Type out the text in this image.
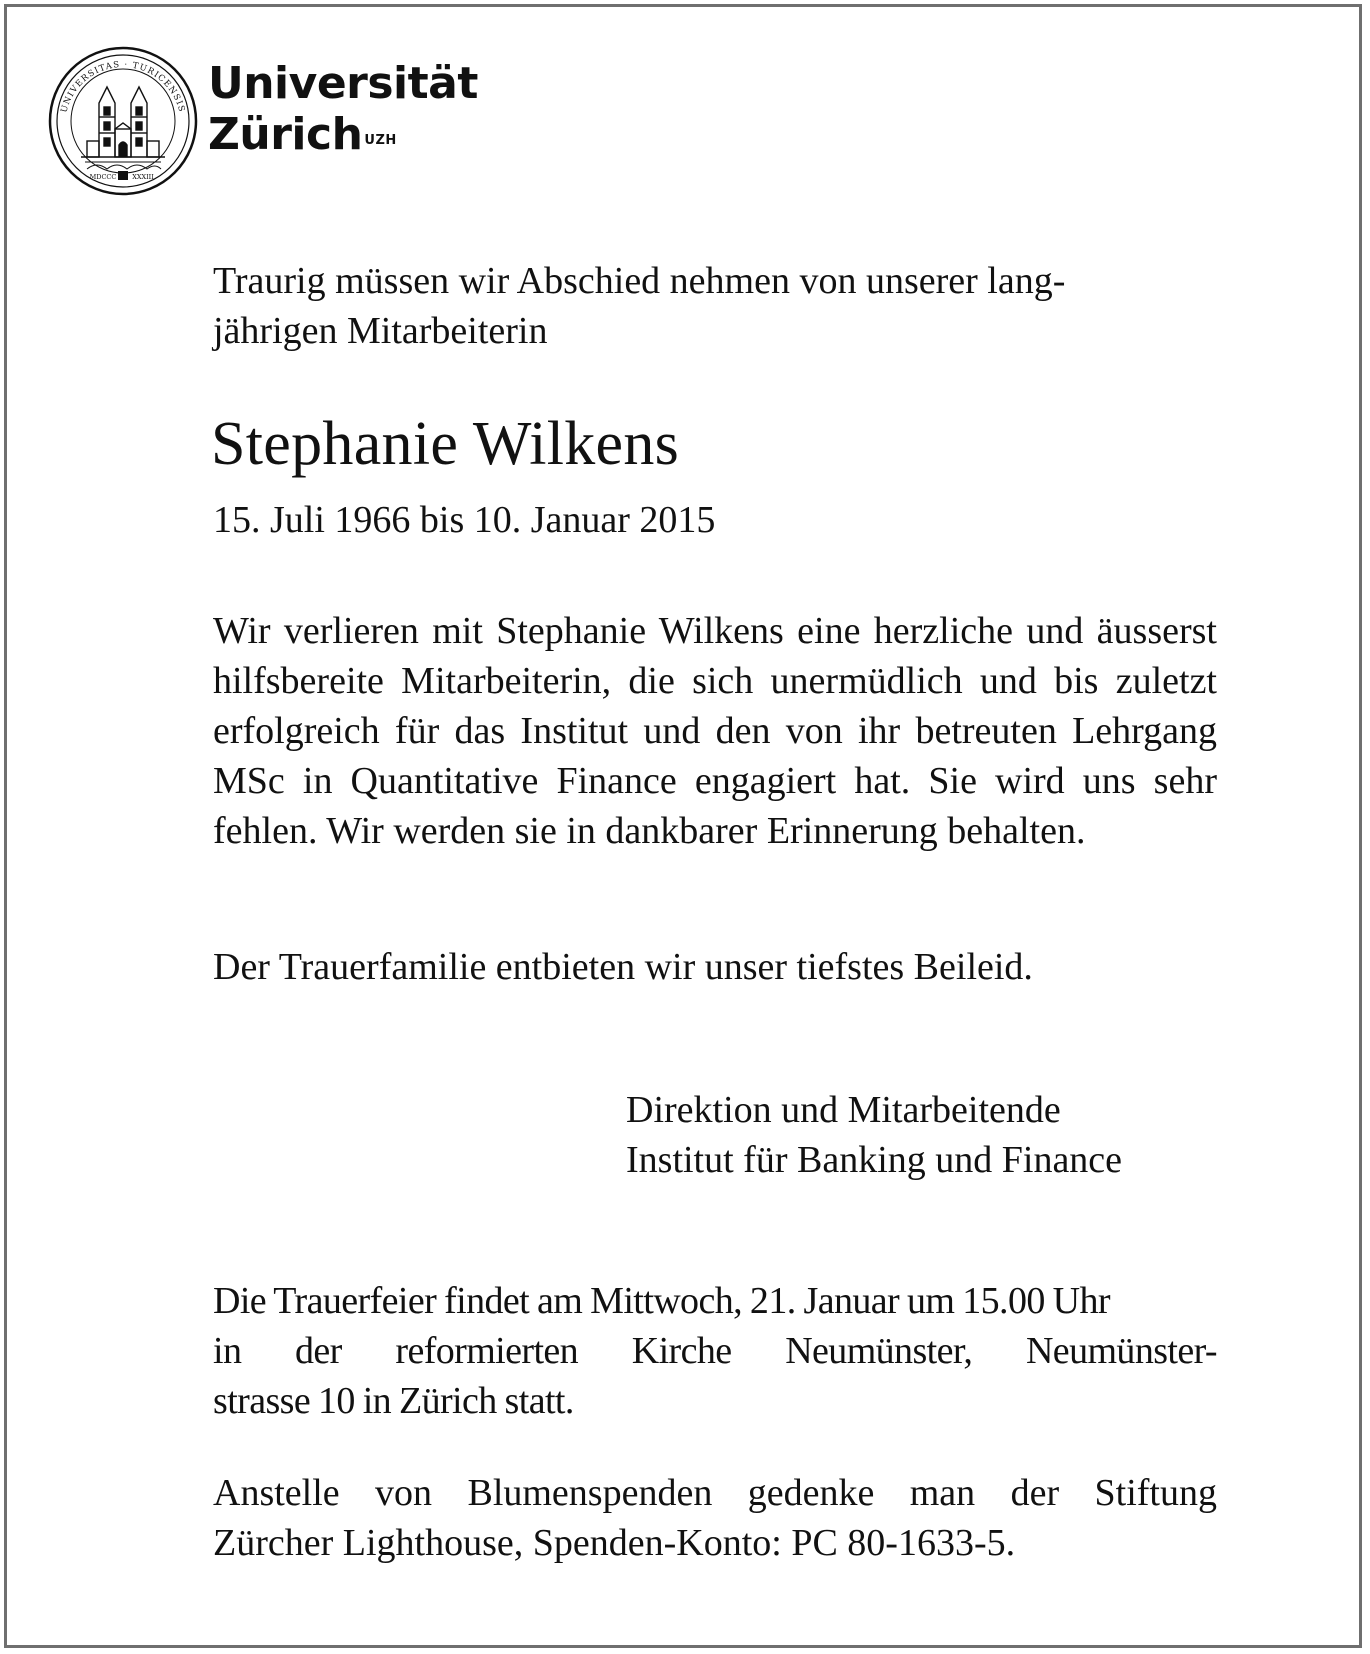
UNIVERSITAS · TURICENSIS
MDCCC XXXIII
Universität
Zürich $^{UZH}$

Traurig müssen wir Abschied nehmen von unserer lang-
jährigen Mitarbeiterin

Stephanie Wilkens
15. Juli 1966 bis 10. Januar 2015

Wir verlieren mit Stephanie Wilkens eine herzliche und äusserst hilfsbereite Mitarbeiterin, die sich unermüdlich und bis zuletzt erfolgreich für das Institut und den von ihr betreuten Lehrgang MSc in Quantitative Finance engagiert hat. Sie wird uns sehr fehlen. Wir werden sie in dankbarer Erinnerung behalten.

Der Trauerfamilie entbieten wir unser tiefstes Beileid.

Direktion und Mitarbeitende

Institut für Banking und Finance

Die Trauerfeier findet am Mittwoch, 21. Januar um 15.00 Uhr
in der reformierten Kirche Neumünster, Neumünster-
strasse 10 in Zürich statt.

Anstelle von Blumenspenden gedenke man der Stiftung
Zürcher Lighthouse, Spenden-Konto: PC 80-1633-5.
